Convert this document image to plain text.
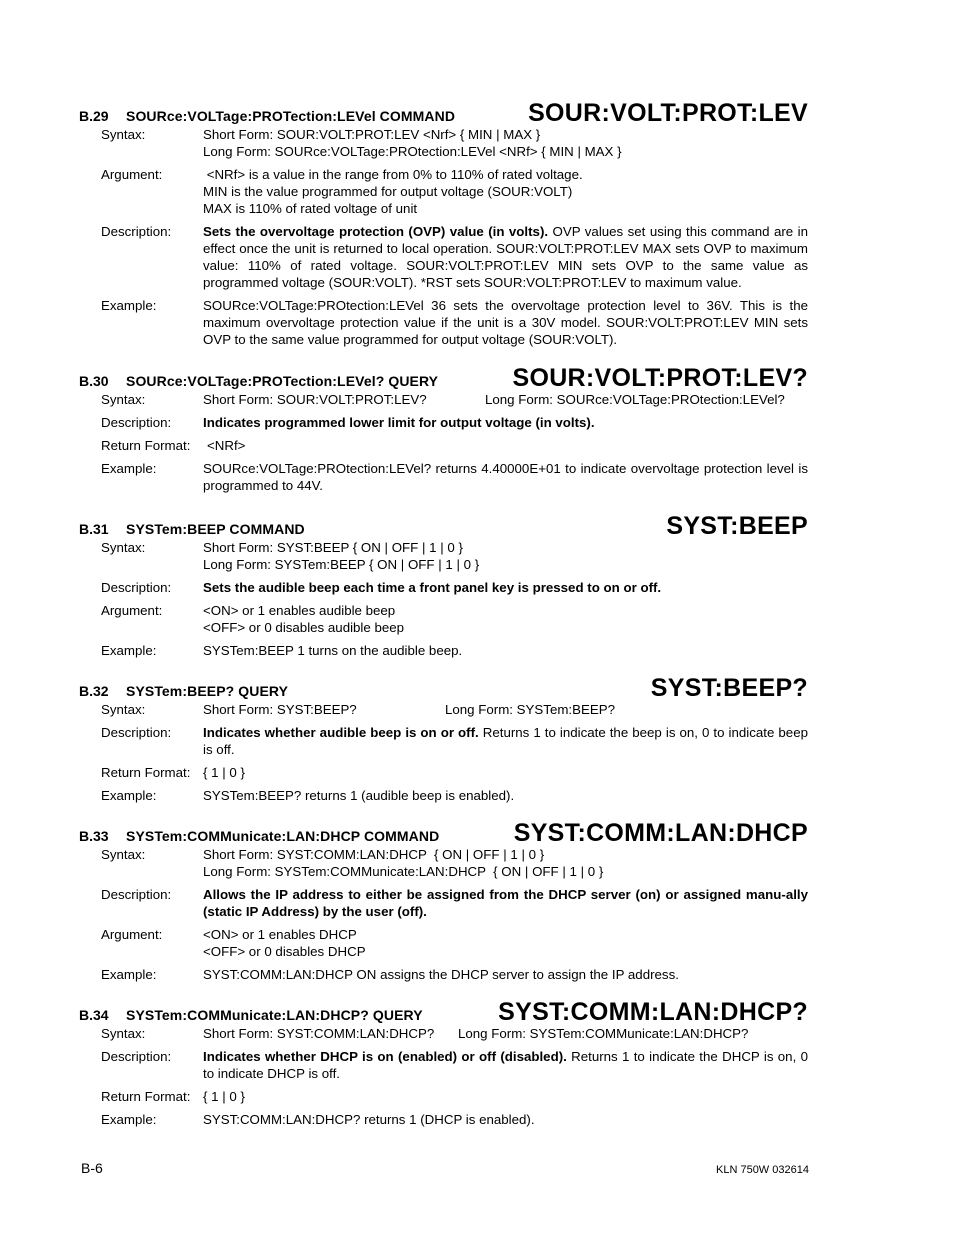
B.29 SOURce:VOLTage:PROTection:LEVel COMMAND	SOUR:VOLT:PROT:LEV
Syntax:	Short Form: SOUR:VOLT:PROT:LEV <Nrf> { MIN | MAX }
Long Form: SOURce:VOLTage:PROtection:LEVel <NRf> { MIN | MAX }
Argument:	<NRf> is a value in the range from 0% to 110% of rated voltage.
MIN is the value programmed for output voltage (SOUR:VOLT)
MAX is 110% of rated voltage of unit
Description: Sets the overvoltage protection (OVP) value (in volts). OVP values set using this command are in effect once the unit is returned to local operation. SOUR:VOLT:PROT:LEV MAX sets OVP to maximum value: 110% of rated voltage. SOUR:VOLT:PROT:LEV MIN sets OVP to the same value as programmed voltage (SOUR:VOLT). *RST sets SOUR:VOLT:PROT:LEV to maximum value.
Example:	SOURce:VOLTage:PROtection:LEVel 36 sets the overvoltage protection level to 36V. This is the maximum overvoltage protection value if the unit is a 30V model. SOUR:VOLT:PROT:LEV MIN sets OVP to the same value programmed for output voltage (SOUR:VOLT).
B.30 SOURce:VOLTage:PROTection:LEVel? QUERY	SOUR:VOLT:PROT:LEV?
Syntax:	Short Form: SOUR:VOLT:PROT:LEV?	Long Form: SOURce:VOLTage:PROtection:LEVel?
Description: Indicates programmed lower limit for output voltage (in volts).
Return Format: <NRf>
Example:	SOURce:VOLTage:PROtection:LEVel? returns 4.40000E+01 to indicate overvoltage protection level is programmed to 44V.
B.31 SYSTem:BEEP COMMAND	SYST:BEEP
Syntax:	Short Form: SYST:BEEP { ON | OFF | 1 | 0 }
Long Form: SYSTem:BEEP { ON | OFF | 1 | 0 }
Description: Sets the audible beep each time a front panel key is pressed to on or off.
Argument:	<ON> or 1 enables audible beep
<OFF> or 0 disables audible beep
Example:	SYSTem:BEEP 1 turns on the audible beep.
B.32 SYSTem:BEEP? QUERY	SYST:BEEP?
Syntax:	Short Form: SYST:BEEP?	Long Form: SYSTem:BEEP?
Description: Indicates whether audible beep is on or off. Returns 1 to indicate the beep is on, 0 to indicate beep is off.
Return Format: { 1 | 0 }
Example:	SYSTem:BEEP? returns 1 (audible beep is enabled).
B.33 SYSTem:COMMunicate:LAN:DHCP COMMAND	SYST:COMM:LAN:DHCP
Syntax:	Short Form: SYST:COMM:LAN:DHCP  { ON | OFF | 1 | 0 }
Long Form: SYSTem:COMMunicate:LAN:DHCP  { ON | OFF | 1 | 0 }
Description: Allows the IP address to either be assigned from the DHCP server (on) or assigned manu-ally (static IP Address) by the user (off).
Argument:	<ON> or 1 enables DHCP
<OFF> or 0 disables DHCP
Example:	SYST:COMM:LAN:DHCP ON assigns the DHCP server to assign the IP address.
B.34 SYSTem:COMMunicate:LAN:DHCP? QUERY	SYST:COMM:LAN:DHCP?
Syntax:	Short Form: SYST:COMM:LAN:DHCP? Long Form: SYSTem:COMMunicate:LAN:DHCP?
Description: Indicates whether DHCP is on (enabled) or off (disabled). Returns 1 to indicate the DHCP is on, 0 to indicate DHCP is off.
Return Format: { 1 | 0 }
Example:	SYST:COMM:LAN:DHCP? returns 1 (DHCP is enabled).
B-6	KLN 750W 032614
